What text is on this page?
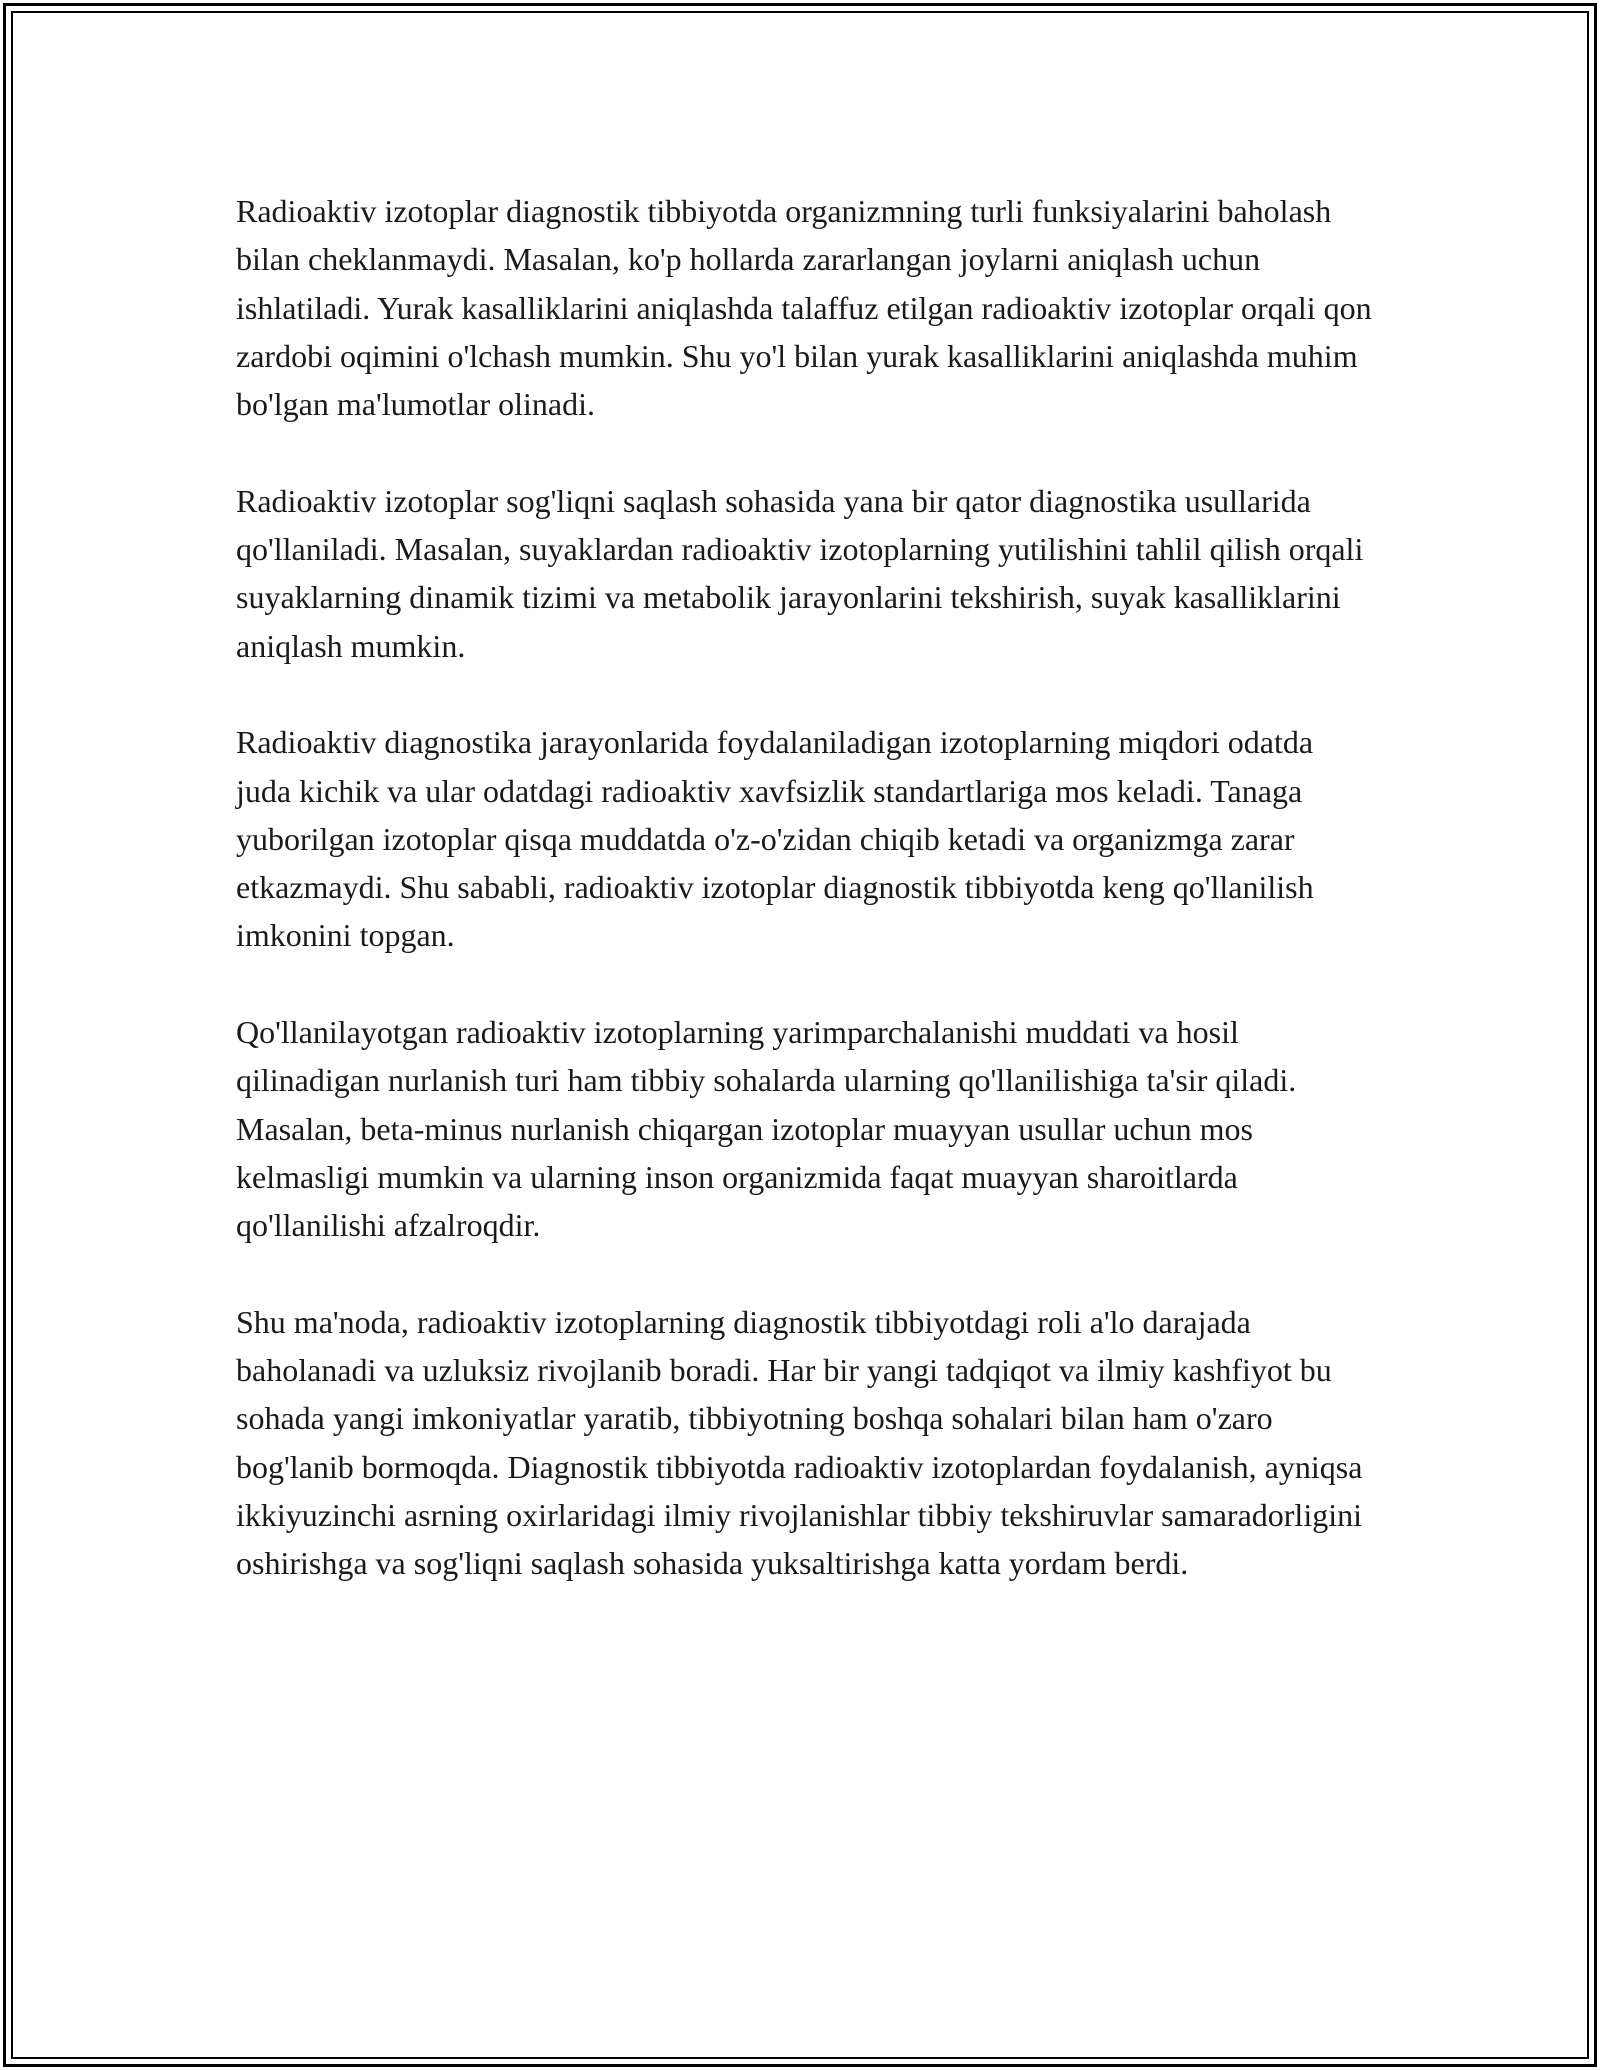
Radioaktiv izotoplar diagnostik tibbiyotda organizmning turli funksiyalarini baholash bilan cheklanmaydi. Masalan, ko'p hollarda zararlangan joylarni aniqlash uchun ishlatiladi. Yurak kasalliklarini aniqlashda talaffuz etilgan radioaktiv izotoplar orqali qon zardobi oqimini o'lchash mumkin. Shu yo'l bilan yurak kasalliklarini aniqlashda muhim bo'lgan ma'lumotlar olinadi.

Radioaktiv izotoplar sog'liqni saqlash sohasida yana bir qator diagnostika usullarida qo'llaniladi. Masalan, suyaklardan radioaktiv izotoplarning yutilishini tahlil qilish orqali suyaklarning dinamik tizimi va metabolik jarayonlarini tekshirish, suyak kasalliklarini aniqlash mumkin.

Radioaktiv diagnostika jarayonlarida foydalaniladigan izotoplarning miqdori odatda juda kichik va ular odatdagi radioaktiv xavfsizlik standartlariga mos keladi. Tanaga yuborilgan izotoplar qisqa muddatda o'z-o'zidan chiqib ketadi va organizmga zarar etkazmaydi. Shu sababli, radioaktiv izotoplar diagnostik tibbiyotda keng qo'llanilish imkonini topgan.

Qo'llanilayotgan radioaktiv izotoplarning yarimparchalanishi muddati va hosil qilinadigan nurlanish turi ham tibbiy sohalarda ularning qo'llanilishiga ta'sir qiladi. Masalan, beta-minus nurlanish chiqargan izotoplar muayyan usullar uchun mos kelmasligi mumkin va ularning inson organizmida faqat muayyan sharoitlarda qo'llanilishi afzalroqdir.

Shu ma'noda, radioaktiv izotoplarning diagnostik tibbiyotdagi roli a'lo darajada baholanadi va uzluksiz rivojlanib boradi. Har bir yangi tadqiqot va ilmiy kashfiyot bu sohada yangi imkoniyatlar yaratib, tibbiyotning boshqa sohalari bilan ham o'zaro bog'lanib bormoqda. Diagnostik tibbiyotda radioaktiv izotoplardan foydalanish, ayniqsa ikkiyuzinchi asrning oxirlaridagi ilmiy rivojlanishlar tibbiy tekshiruvlar samaradorligini oshirishga va sog'liqni saqlash sohasida yuksaltirishga katta yordam berdi.
